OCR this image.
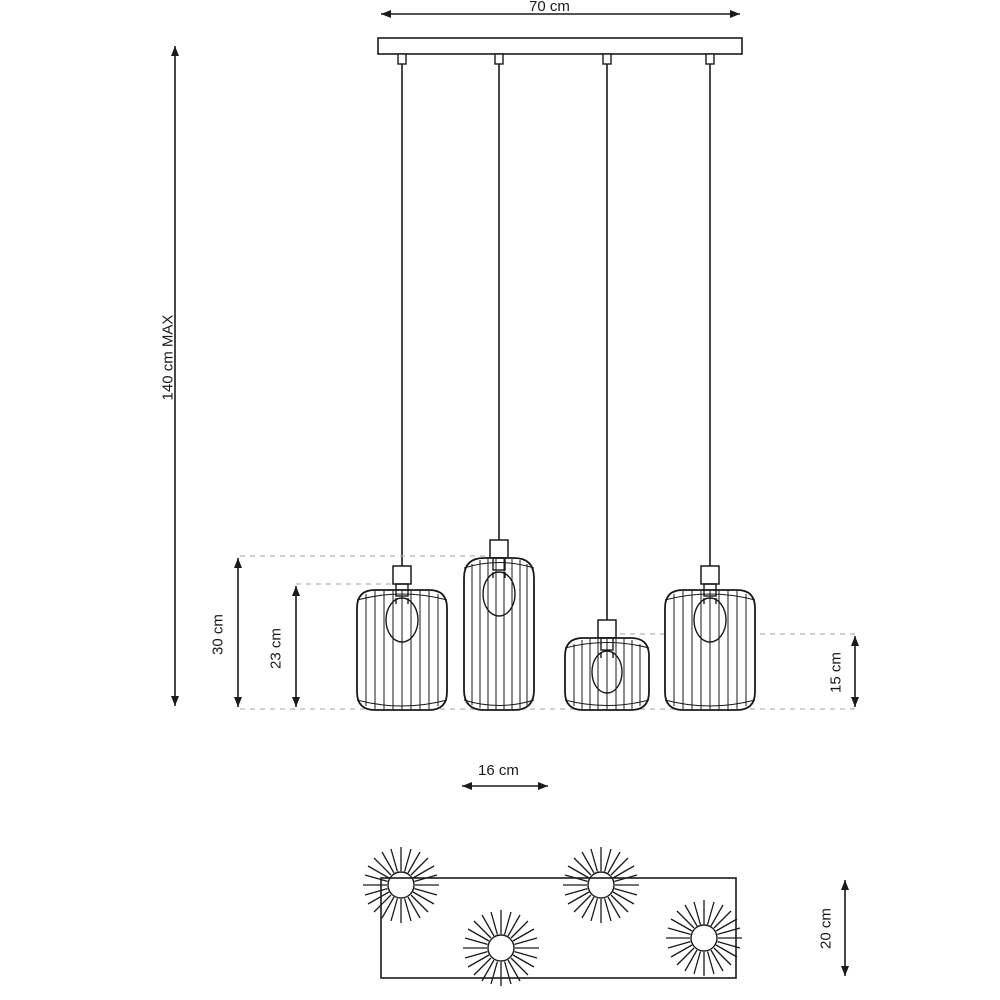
70 cm
140 cm MAX
30 cm	23 cm
15 cm
16 cm
20 cm
